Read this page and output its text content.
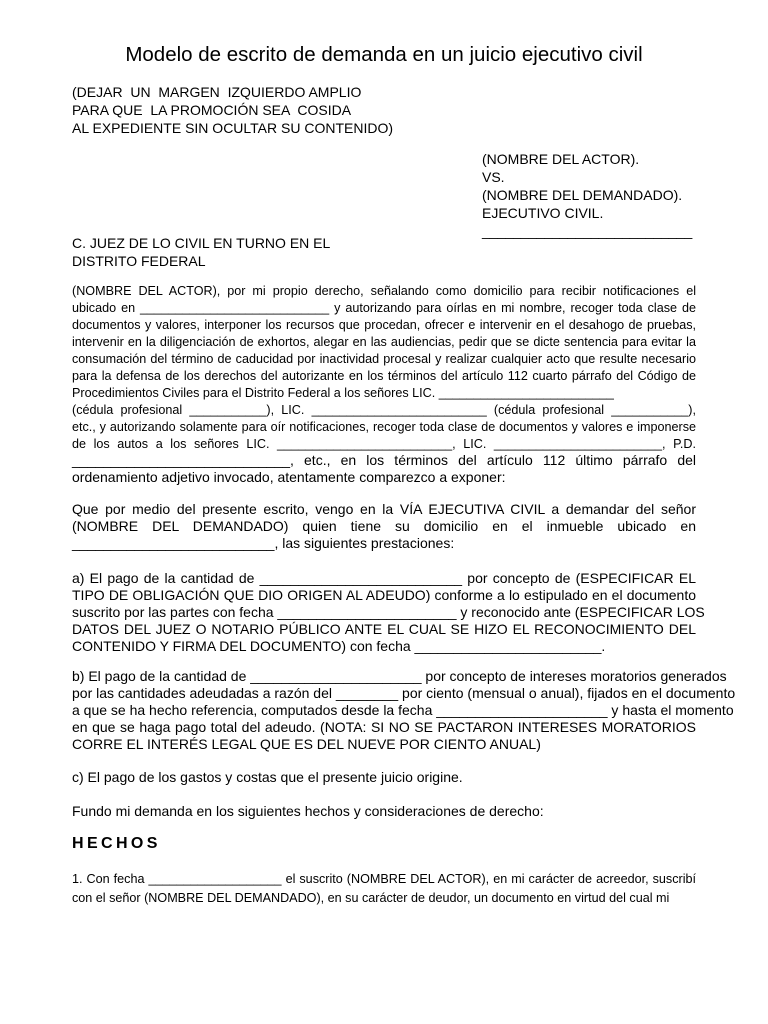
Modelo de escrito de demanda en un juicio ejecutivo civil
(DEJAR  UN  MARGEN  IZQUIERDO AMPLIO
PARA QUE  LA PROMOCIÓN SEA  COSIDA
AL EXPEDIENTE SIN OCULTAR SU CONTENIDO)
(NOMBRE DEL ACTOR).
VS.
(NOMBRE DEL DEMANDADO).
EJECUTIVO CIVIL.
___________________________
C. JUEZ DE LO CIVIL EN TURNO EN EL
DISTRITO FEDERAL
(NOMBRE DEL ACTOR), por mi propio derecho, señalando como domicilio para recibir notificaciones el
ubicado en ___________________________ y autorizando para oírlas en mi nombre, recoger toda clase de
documentos y valores, interponer los recursos que procedan, ofrecer e intervenir en el desahogo de pruebas,
intervenir en la diligenciación de exhortos, alegar en las audiencias, pedir que se dicte sentencia para evitar la
consumación del término de caducidad por inactividad procesal y realizar cualquier acto que resulte necesario
para la defensa de los derechos del autorizante en los términos del artículo 112 cuarto párrafo del Código de
Procedimientos Civiles para el Distrito Federal a los señores LIC. _________________________
(cédula profesional ___________), LIC. _________________________ (cédula profesional ___________),
etc., y autorizando solamente para oír notificaciones, recoger toda clase de documentos y valores e imponerse
de los autos a los señores LIC. _________________________, LIC. ________________________, P.D.
____________________________, etc., en los términos del artículo 112 último párrafo del
ordenamiento adjetivo invocado, atentamente comparezco a exponer:
Que por medio del presente escrito, vengo en la VÍA EJECUTIVA CIVIL a demandar del señor
(NOMBRE DEL DEMANDADO) quien tiene su domicilio en el inmueble ubicado en
__________________________, las siguientes prestaciones:
a) El pago de la cantidad de __________________________ por concepto de (ESPECIFICAR EL
TIPO DE OBLIGACIÓN QUE DIO ORIGEN AL ADEUDO) conforme a lo estipulado en el documento
suscrito por las partes con fecha _______________________ y reconocido ante (ESPECIFICAR LOS
DATOS DEL JUEZ O NOTARIO PÚBLICO ANTE EL CUAL SE HIZO EL RECONOCIMIENTO DEL
CONTENIDO Y FIRMA DEL DOCUMENTO) con fecha ________________________.
b) El pago de la cantidad de ______________________ por concepto de intereses moratorios generados
por las cantidades adeudadas a razón del ________ por ciento (mensual o anual), fijados en el documento
a que se ha hecho referencia, computados desde la fecha ______________________ y hasta el momento
en que se haga pago total del adeudo. (NOTA: SI NO SE PACTARON INTERESES MORATORIOS
CORRE EL INTERÉS LEGAL QUE ES DEL NUEVE POR CIENTO ANUAL)
c) El pago de los gastos y costas que el presente juicio origine.
Fundo mi demanda en los siguientes hechos y consideraciones de derecho:
HECHOS
1. Con fecha ___________________ el suscrito (NOMBRE DEL ACTOR), en mi carácter de acreedor, suscribí
con el señor (NOMBRE DEL DEMANDADO), en su carácter de deudor, un documento en virtud del cual mi
